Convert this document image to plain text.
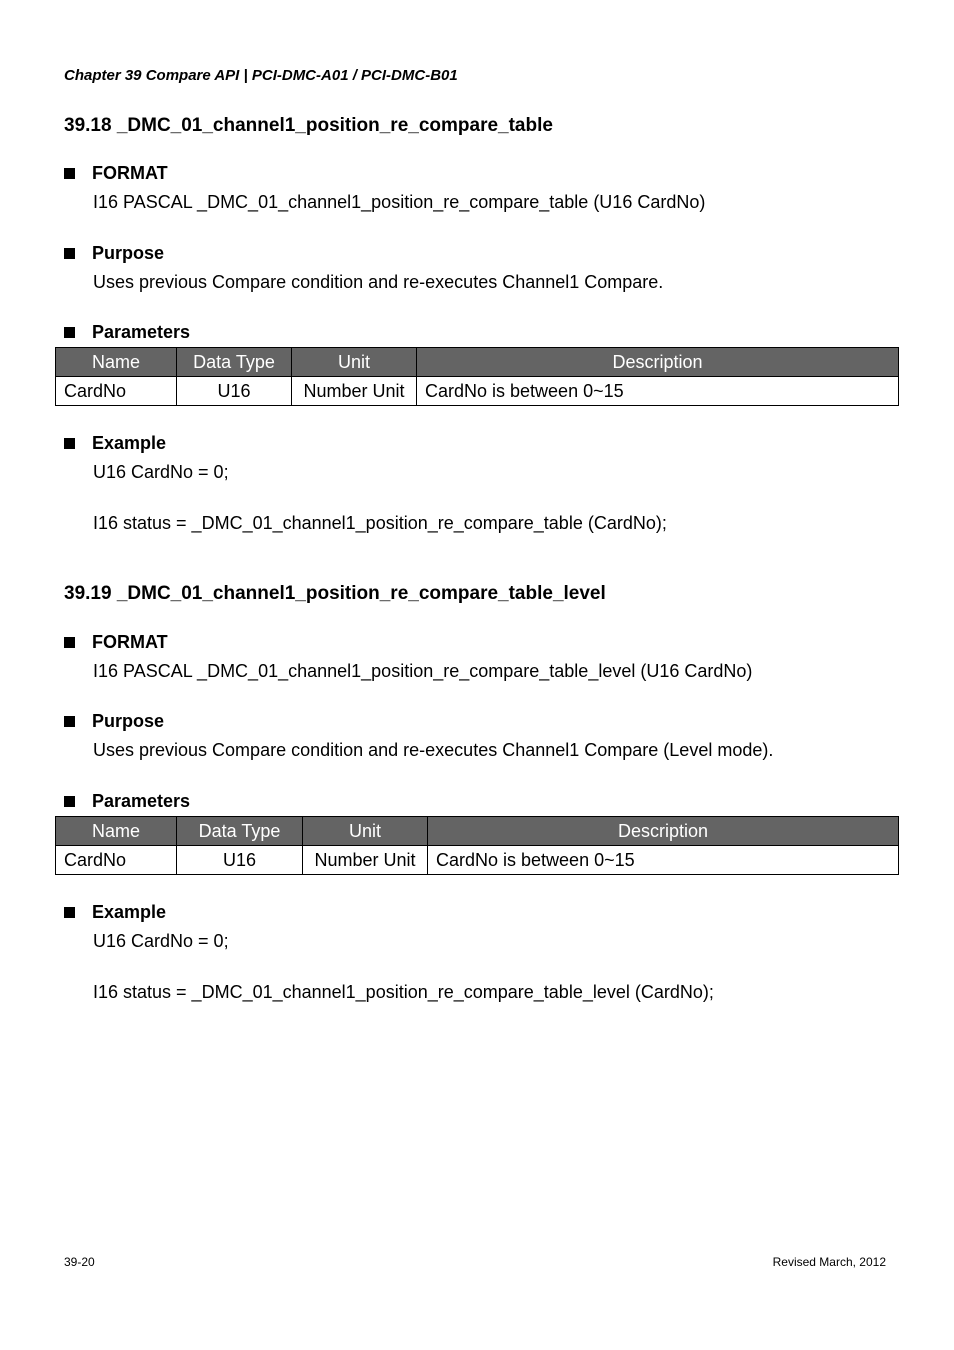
Chapter 39 Compare API | PCI-DMC-A01 / PCI-DMC-B01
39.18 _DMC_01_channel1_position_re_compare_table
FORMAT
I16 PASCAL _DMC_01_channel1_position_re_compare_table (U16 CardNo)
Purpose
Uses previous Compare condition and re-executes Channel1 Compare.
Parameters
Name	Data Type	Unit	Description
CardNo	U16	Number Unit	CardNo is between 0~15
Example
U16 CardNo = 0;
I16 status = _DMC_01_channel1_position_re_compare_table (CardNo);
39.19 _DMC_01_channel1_position_re_compare_table_level
FORMAT
I16 PASCAL _DMC_01_channel1_position_re_compare_table_level (U16 CardNo)
Purpose
Uses previous Compare condition and re-executes Channel1 Compare (Level mode).
Parameters
Name	Data Type	Unit	Description
CardNo	U16	Number Unit	CardNo is between 0~15
Example
U16 CardNo = 0;
I16 status = _DMC_01_channel1_position_re_compare_table_level (CardNo);
39-20	Revised March, 2012
